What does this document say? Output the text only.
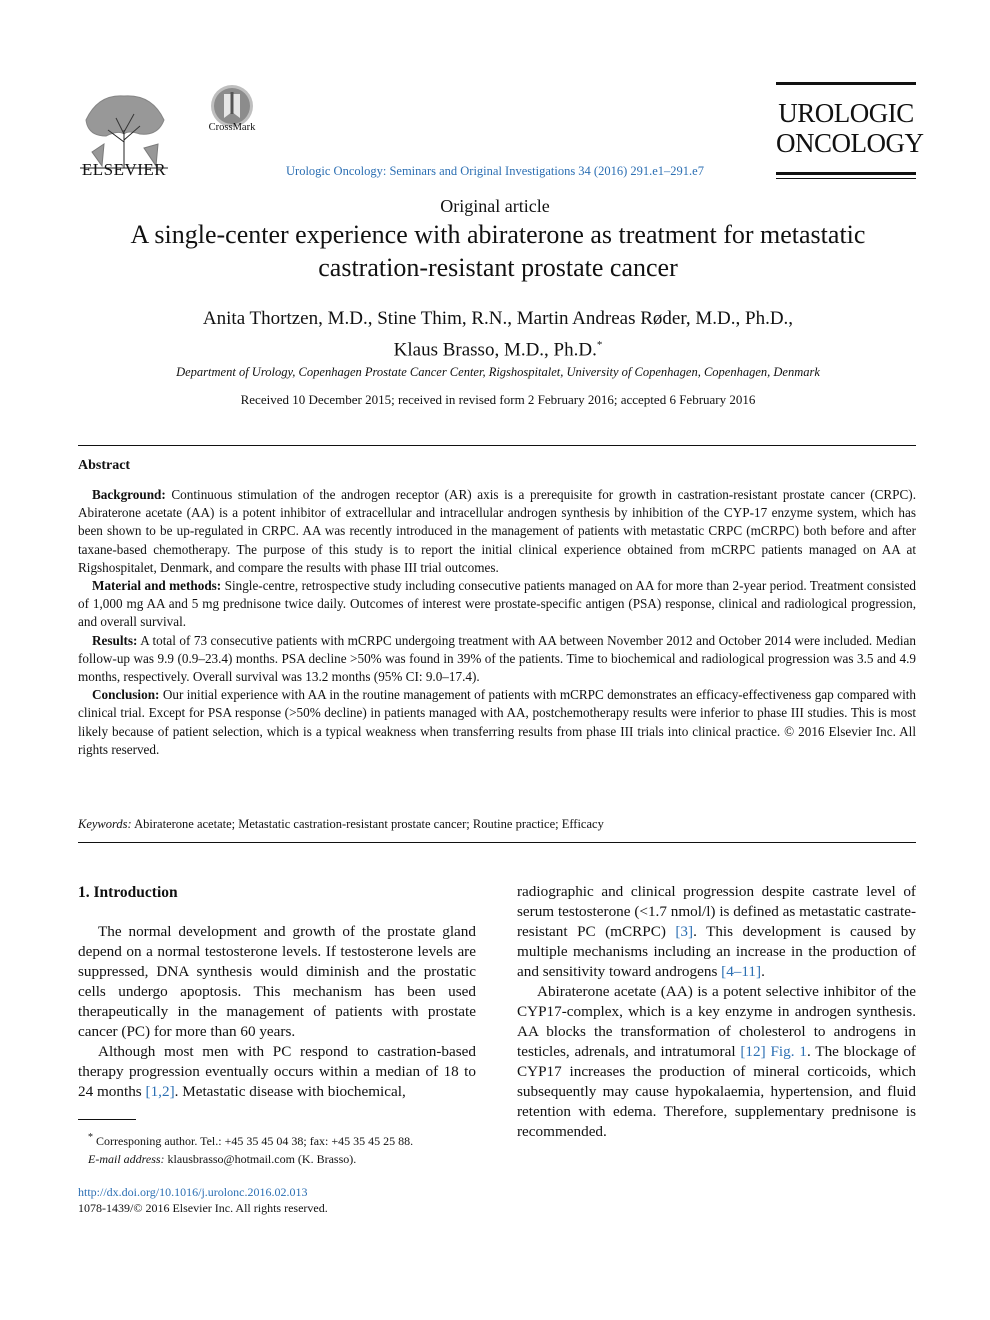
ELSEVIER
CrossMark
Urologic Oncology: Seminars and Original Investigations 34 (2016) 291.e1–291.e7
UROLOGIC
ONCOLOGY
Original article
A single-center experience with abiraterone as treatment for metastatic castration-resistant prostate cancer
Anita Thortzen, M.D., Stine Thim, R.N., Martin Andreas Røder, M.D., Ph.D.,
Klaus Brasso, M.D., Ph.D.*
Department of Urology, Copenhagen Prostate Cancer Center, Rigshospitalet, University of Copenhagen, Copenhagen, Denmark
Received 10 December 2015; received in revised form 2 February 2016; accepted 6 February 2016
Abstract

Background: Continuous stimulation of the androgen receptor (AR) axis is a prerequisite for growth in castration-resistant prostate cancer (CRPC). Abiraterone acetate (AA) is a potent inhibitor of extracellular and intracellular androgen synthesis by inhibition of the CYP-17 enzyme system, which has been shown to be up-regulated in CRPC. AA was recently introduced in the management of patients with metastatic CRPC (mCRPC) both before and after taxane-based chemotherapy. The purpose of this study is to report the initial clinical experience obtained from mCRPC patients managed on AA at Rigshospitalet, Denmark, and compare the results with phase III trial outcomes.

Material and methods: Single-centre, retrospective study including consecutive patients managed on AA for more than 2-year period. Treatment consisted of 1,000 mg AA and 5 mg prednisone twice daily. Outcomes of interest were prostate-specific antigen (PSA) response, clinical and radiological progression, and overall survival.

Results: A total of 73 consecutive patients with mCRPC undergoing treatment with AA between November 2012 and October 2014 were included. Median follow-up was 9.9 (0.9–23.4) months. PSA decline >50% was found in 39% of the patients. Time to biochemical and radiological progression was 3.5 and 4.9 months, respectively. Overall survival was 13.2 months (95% CI: 9.0–17.4).

Conclusion: Our initial experience with AA in the routine management of patients with mCRPC demonstrates an efficacy-effectiveness gap compared with clinical trial. Except for PSA response (>50% decline) in patients managed with AA, postchemotherapy results were inferior to phase III studies. This is most likely because of patient selection, which is a typical weakness when transferring results from phase III trials into clinical practice. © 2016 Elsevier Inc. All rights reserved.

Keywords: Abiraterone acetate; Metastatic castration-resistant prostate cancer; Routine practice; Efficacy
1. Introduction

The normal development and growth of the prostate gland depend on a normal testosterone levels. If testosterone levels are suppressed, DNA synthesis would diminish and the prostatic cells undergo apoptosis. This mechanism has been used therapeutically in the management of patients with prostate cancer (PC) for more than 60 years.

Although most men with PC respond to castration-based therapy progression eventually occurs within a median of 18 to 24 months [1,2]. Metastatic disease with biochemical,

radiographic and clinical progression despite castrate level of serum testosterone (<1.7 nmol/l) is defined as metastatic castrate-resistant PC (mCRPC) [3]. This development is caused by multiple mechanisms including an increase in the production of and sensitivity toward androgens [4–11].

Abiraterone acetate (AA) is a potent selective inhibitor of the CYP17-complex, which is a key enzyme in androgen synthesis. AA blocks the transformation of cholesterol to androgens in testicles, adrenals, and intratumoral [12] Fig. 1. The blockage of CYP17 increases the production of mineral corticoids, which subsequently may cause hypokalaemia, hypertension, and fluid retention with edema. Therefore, supplementary prednisone is recommended.

* Corresponing author. Tel.: +45 35 45 04 38; fax: +45 35 45 25 88.
E-mail address: klausbrasso@hotmail.com (K. Brasso).
http://dx.doi.org/10.1016/j.urolonc.2016.02.013
1078-1439/© 2016 Elsevier Inc. All rights reserved.
